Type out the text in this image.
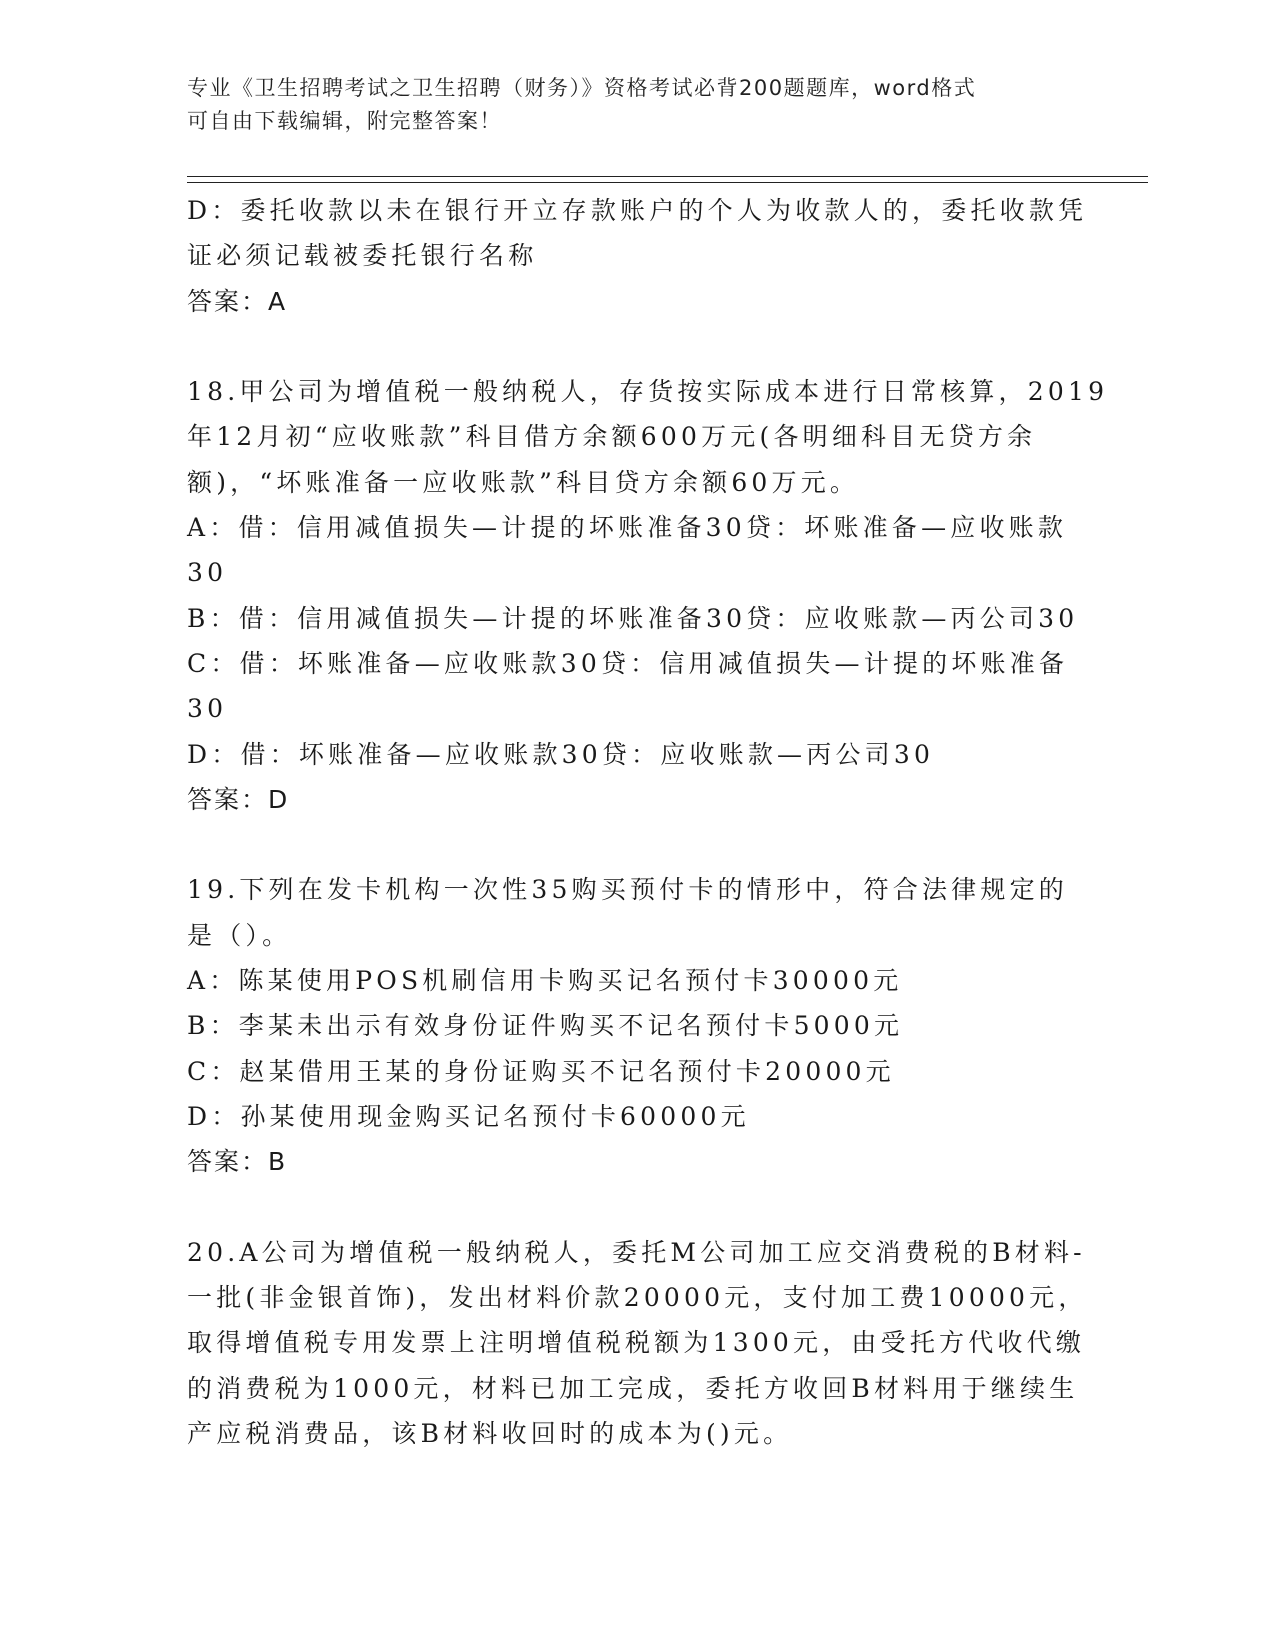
专业《卫生招聘考试之卫生招聘（财务）》资格考试必背200题题库，word格式
可自由下载编辑，附完整答案！
D：委托收款以未在银行开立存款账户的个人为收款人的，委托收款凭
证必须记载被委托银行名称
答案：A
18.甲公司为增值税一般纳税人，存货按实际成本进行日常核算，2019
年12月初“应收账款”科目借方余额600万元(各明细科目无贷方余
额)，“坏账准备一应收账款”科目贷方余额60万元。
A：借：信用减值损失—计提的坏账准备30贷：坏账准备—应收账款
30
B：借：信用减值损失—计提的坏账准备30贷：应收账款—丙公司30
C：借：坏账准备—应收账款30贷：信用减值损失—计提的坏账准备
30
D：借：坏账准备—应收账款30贷：应收账款—丙公司30
答案：D
19.下列在发卡机构一次性35购买预付卡的情形中，符合法律规定的
是（）。
A：陈某使用POS机刷信用卡购买记名预付卡30000元
B：李某未出示有效身份证件购买不记名预付卡5000元
C：赵某借用王某的身份证购买不记名预付卡20000元
D：孙某使用现金购买记名预付卡60000元
答案：B
20.A公司为增值税一般纳税人，委托M公司加工应交消费税的B材料-
一批(非金银首饰)，发出材料价款20000元，支付加工费10000元，
取得增值税专用发票上注明增值税税额为1300元，由受托方代收代缴
的消费税为1000元，材料已加工完成，委托方收回B材料用于继续生
产应税消费品，该B材料收回时的成本为()元。
